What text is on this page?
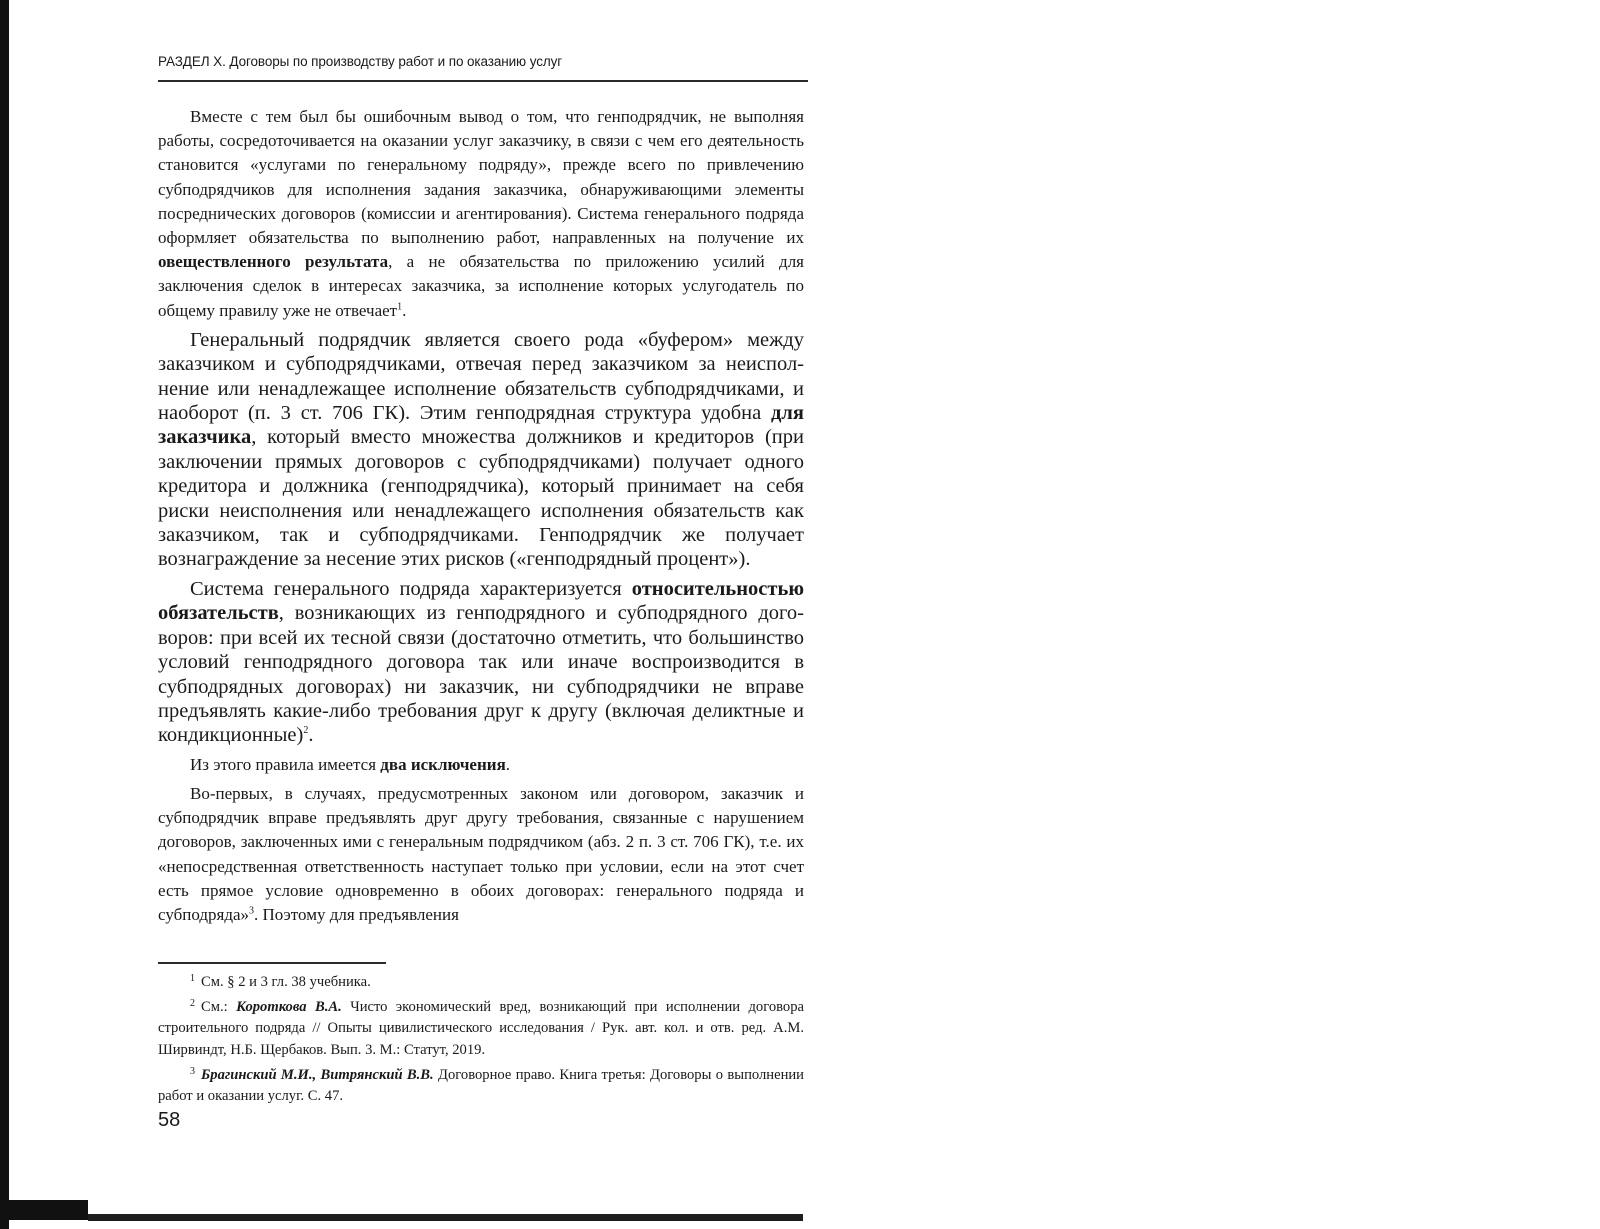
РАЗДЕЛ X. Договоры по производству работ и по оказанию услуг

Вместе с тем был бы ошибочным вывод о том, что генподрядчик, не выполняя работы, сосредоточивается на оказании услуг заказчику, в связи с чем его деятельность становится «услугами по генеральному подряду», прежде всего по привлечению субподрядчиков для исполнения задания заказчика, обнаруживающими элементы посреднических договоров (комиссии и агентирования). Система генерального подряда оформляет обязательства по выполнению работ, направленных на получение их овеществленного результата, а не обязательства по приложению усилий для заключения сделок в интересах заказчика, за исполнение которых услугодатель по общему правилу уже не отвечает$^1$.

Генеральный подрядчик является своего рода «буфером» между заказчиком и субподрядчиками, отвечая перед заказчиком за неисполнение или ненадлежащее исполнение обязательств субподрядчиками, и наоборот (п. 3 ст. 706 ГК). Этим генподрядная структура удобна для заказчика, который вместо множества должников и кредиторов (при заключении прямых договоров с субподрядчиками) получает одного кредитора и должника (генподрядчика), который принимает на себя риски неисполнения или ненадлежащего исполнения обязательств как заказчиком, так и субподрядчиками. Генподрядчик же получает вознаграждение за несение этих рисков («генподрядный процент»).

Система генерального подряда характеризуется относительностью обязательств, возникающих из генподрядного и субподрядного договоров: при всей их тесной связи (достаточно отметить, что большинство условий генподрядного договора так или иначе воспроизводится в субподрядных договорах) ни заказчик, ни субподрядчики не вправе предъявлять какие-либо требования друг к другу (включая деликтные и кондикционные)$^2$.

Из этого правила имеется два исключения.

Во-первых, в случаях, предусмотренных законом или договором, заказчик и субподрядчик вправе предъявлять друг другу требования, связанные с нарушением договоров, заключенных ими с генеральным подрядчиком (абз. 2 п. 3 ст. 706 ГК), т.е. их «непосредственная ответственность наступает только при условии, если на этот счет есть прямое условие одновременно в обоих договорах: генерального подряда и субподряда»$^3$. Поэтому для предъявления

$^1$ См. § 2 и 3 гл. 38 учебника.

$^2$ См.: Короткова В.А. Чисто экономический вред, возникающий при исполнении договора строительного подряда // Опыты цивилистического исследования / Рук. авт. кол. и отв. ред. А.М. Ширвиндт, Н.Б. Щербаков. Вып. 3. М.: Статут, 2019.

$^3$ Брагинский М.И., Витрянский В.В. Договорное право. Книга третья: Договоры о выполнении работ и оказании услуг. С. 47.

58
